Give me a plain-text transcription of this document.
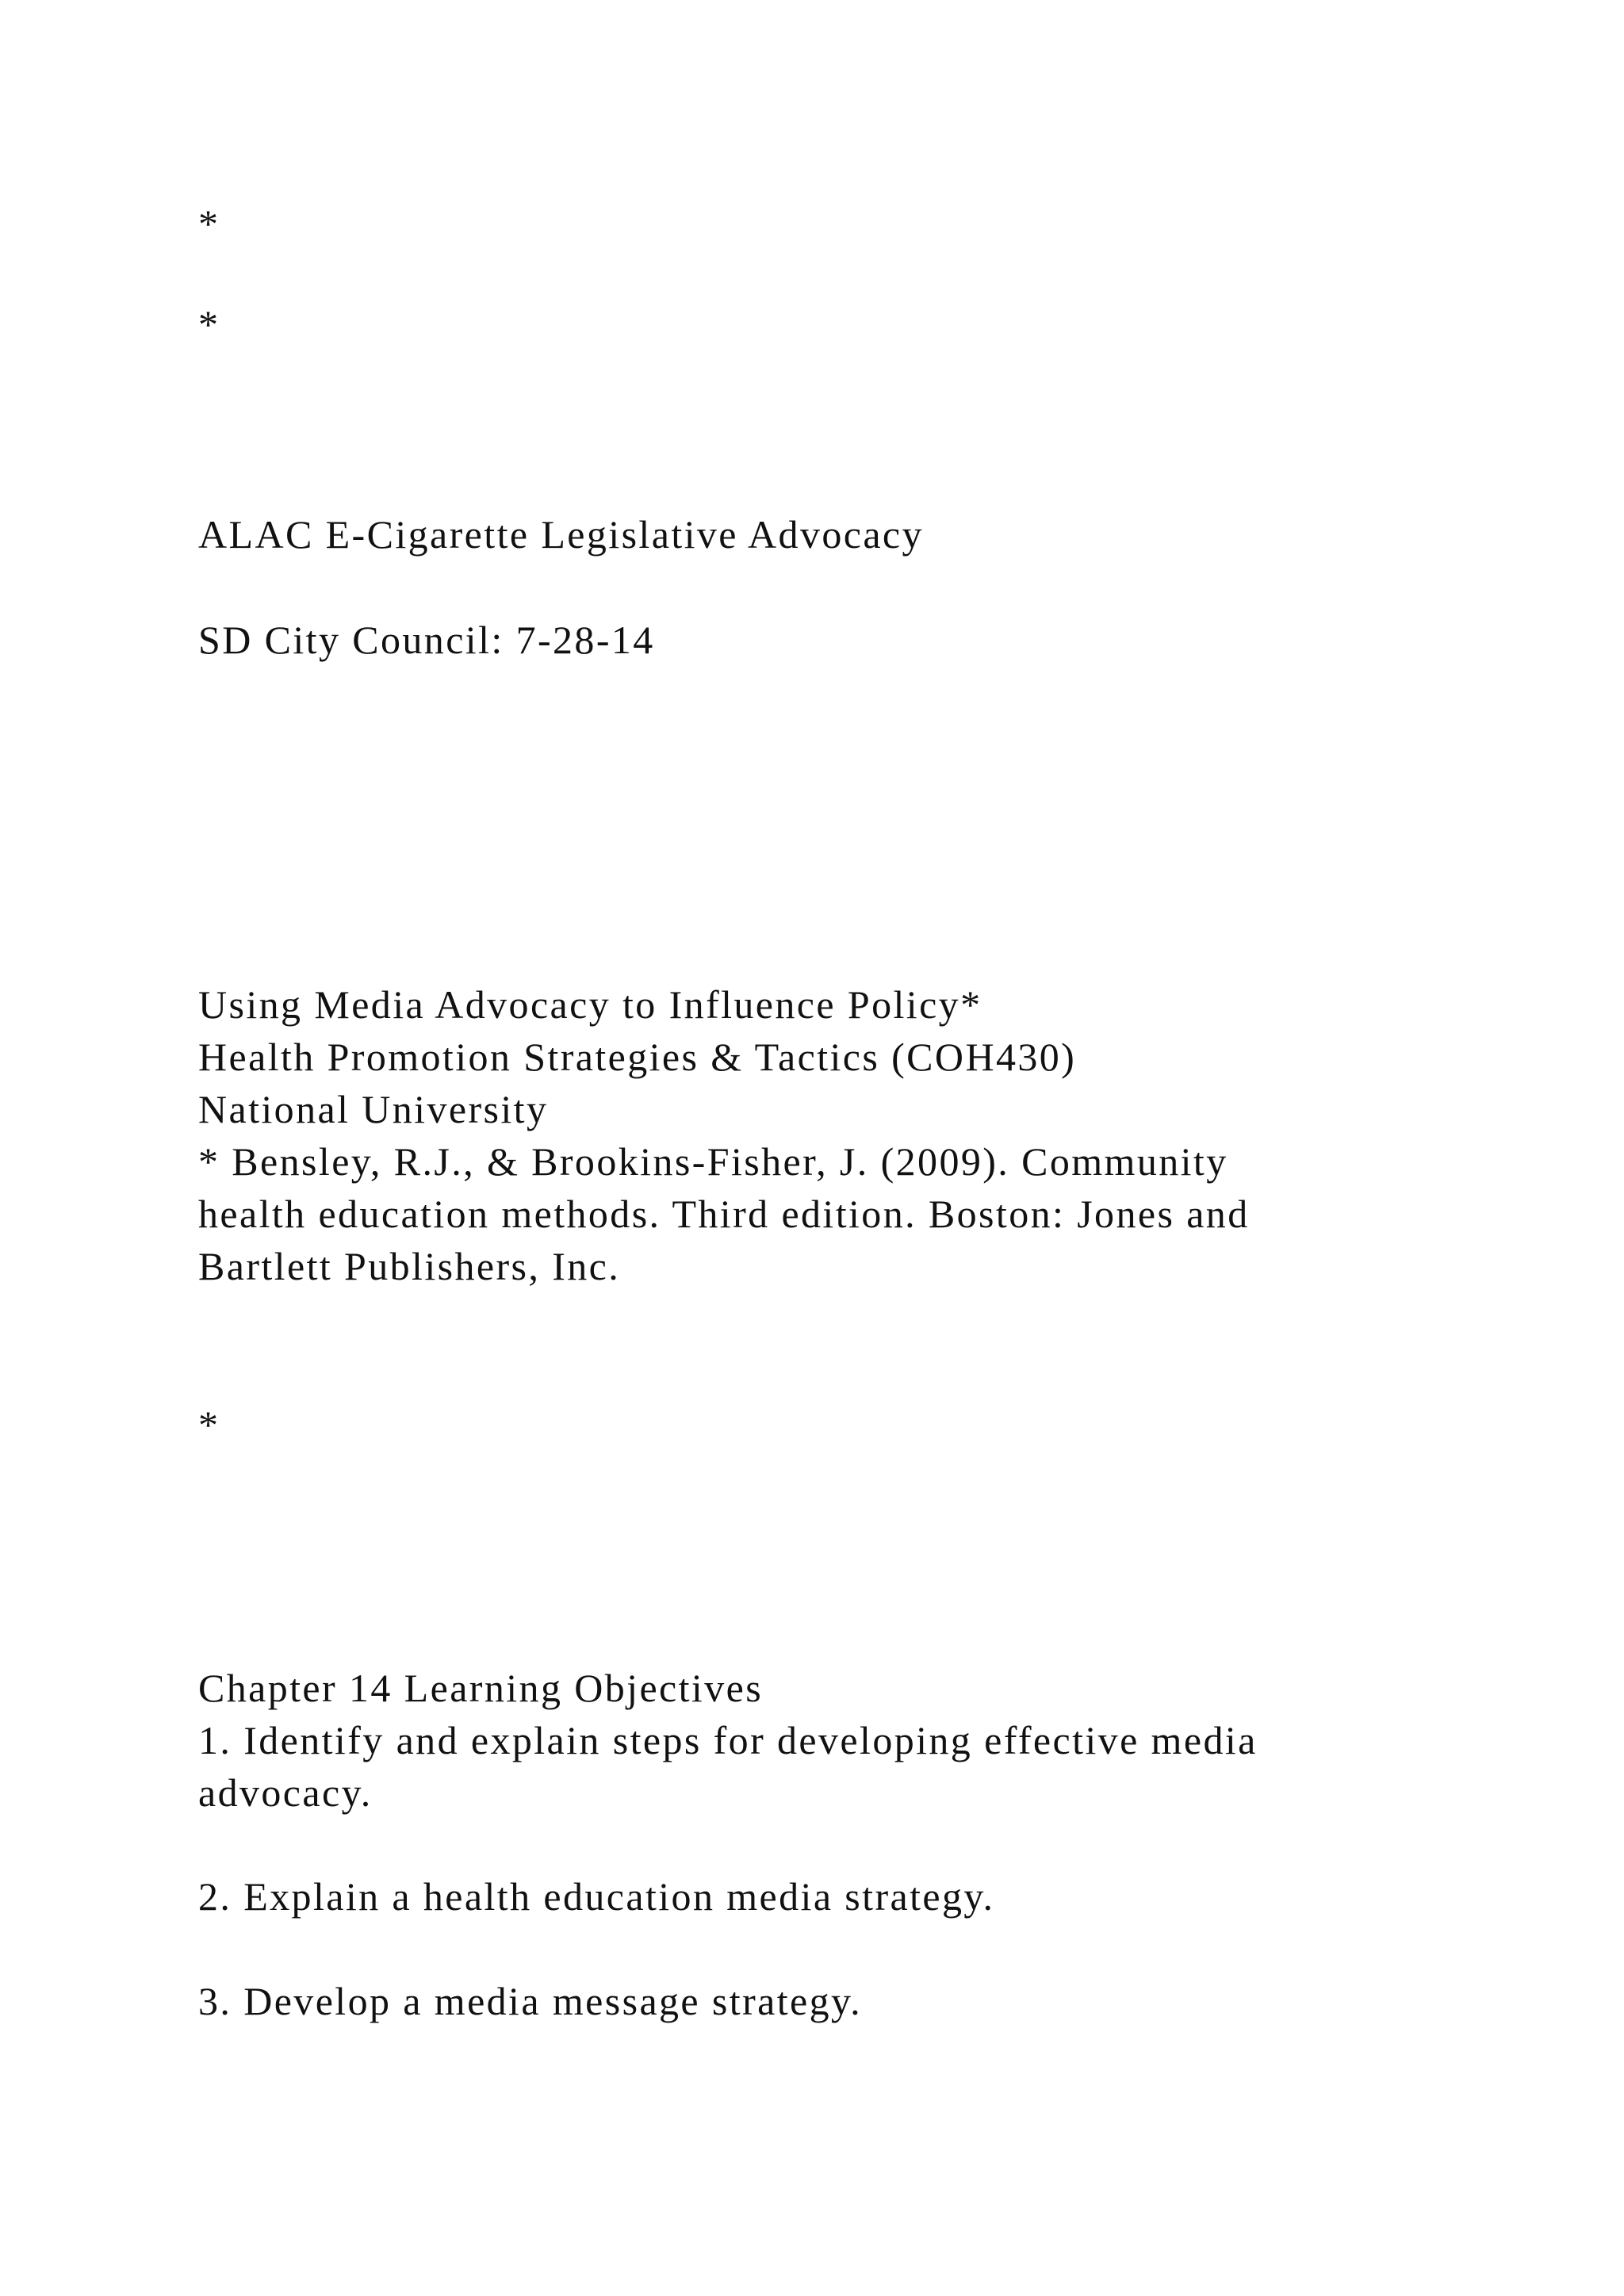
*

*

ALAC E-Cigarette Legislative Advocacy

SD City Council: 7-28-14

Using Media Advocacy to Influence Policy*

Health Promotion Strategies & Tactics (COH430)

National University

* Bensley, R.J., & Brookins-Fisher, J. (2009). Community

health education methods. Third edition. Boston: Jones and

Bartlett Publishers, Inc.

*

Chapter 14 Learning Objectives

1. Identify and explain steps for developing effective media

advocacy.

2. Explain a health education media strategy.

3. Develop a media message strategy.
